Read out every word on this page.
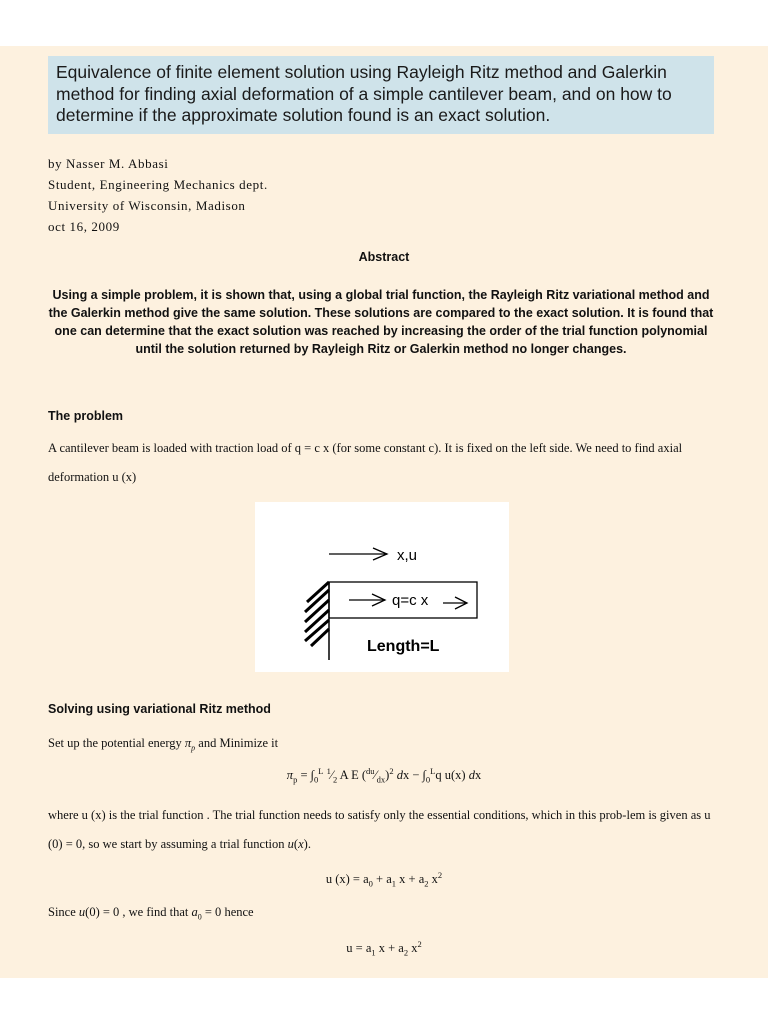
Equivalence of finite element solution using Rayleigh Ritz method and Galerkin method for finding axial deformation of a simple cantilever beam, and on how to determine if the approximate solution found is an exact solution.
by Nasser M. Abbasi
Student, Engineering Mechanics dept.
University of Wisconsin, Madison
oct 16, 2009
Abstract
Using a simple problem, it is shown that, using a global trial function, the Rayleigh Ritz variational method and the Galerkin method give the same solution. These solutions are compared to the exact solution. It is found that one can determine that the exact solution was reached by increasing the order of the trial function polynomial until the solution returned by Rayleigh Ritz or Galerkin method no longer changes.
The problem
A cantilever beam is loaded with traction load of q = c x (for some constant c). It is fixed on the left side. We need to find axial deformation u (x)
x,u
q=c x
Length=L
Solving using variational Ritz method
Set up the potential energy $\pi_p$ and Minimize it
$\pi_p = \int_0^L$ $^1⁄_2$ A E $(^{du}⁄_{dx})^2$ dx − $\int_0^Lq$ u(x) dx
where u (x) is the trial function . The trial function needs to satisfy only the essential conditions, which in this prob-lem is given as u (0) = 0, so we start by assuming a trial function u(x).
u $(x) = a_0 + a_1$ $x + a_2$ $x^2$
Since u(0) = 0 , we find that $a_0 = 0$ hence
$u = a_1$ $x + a_2$ $x^2$
